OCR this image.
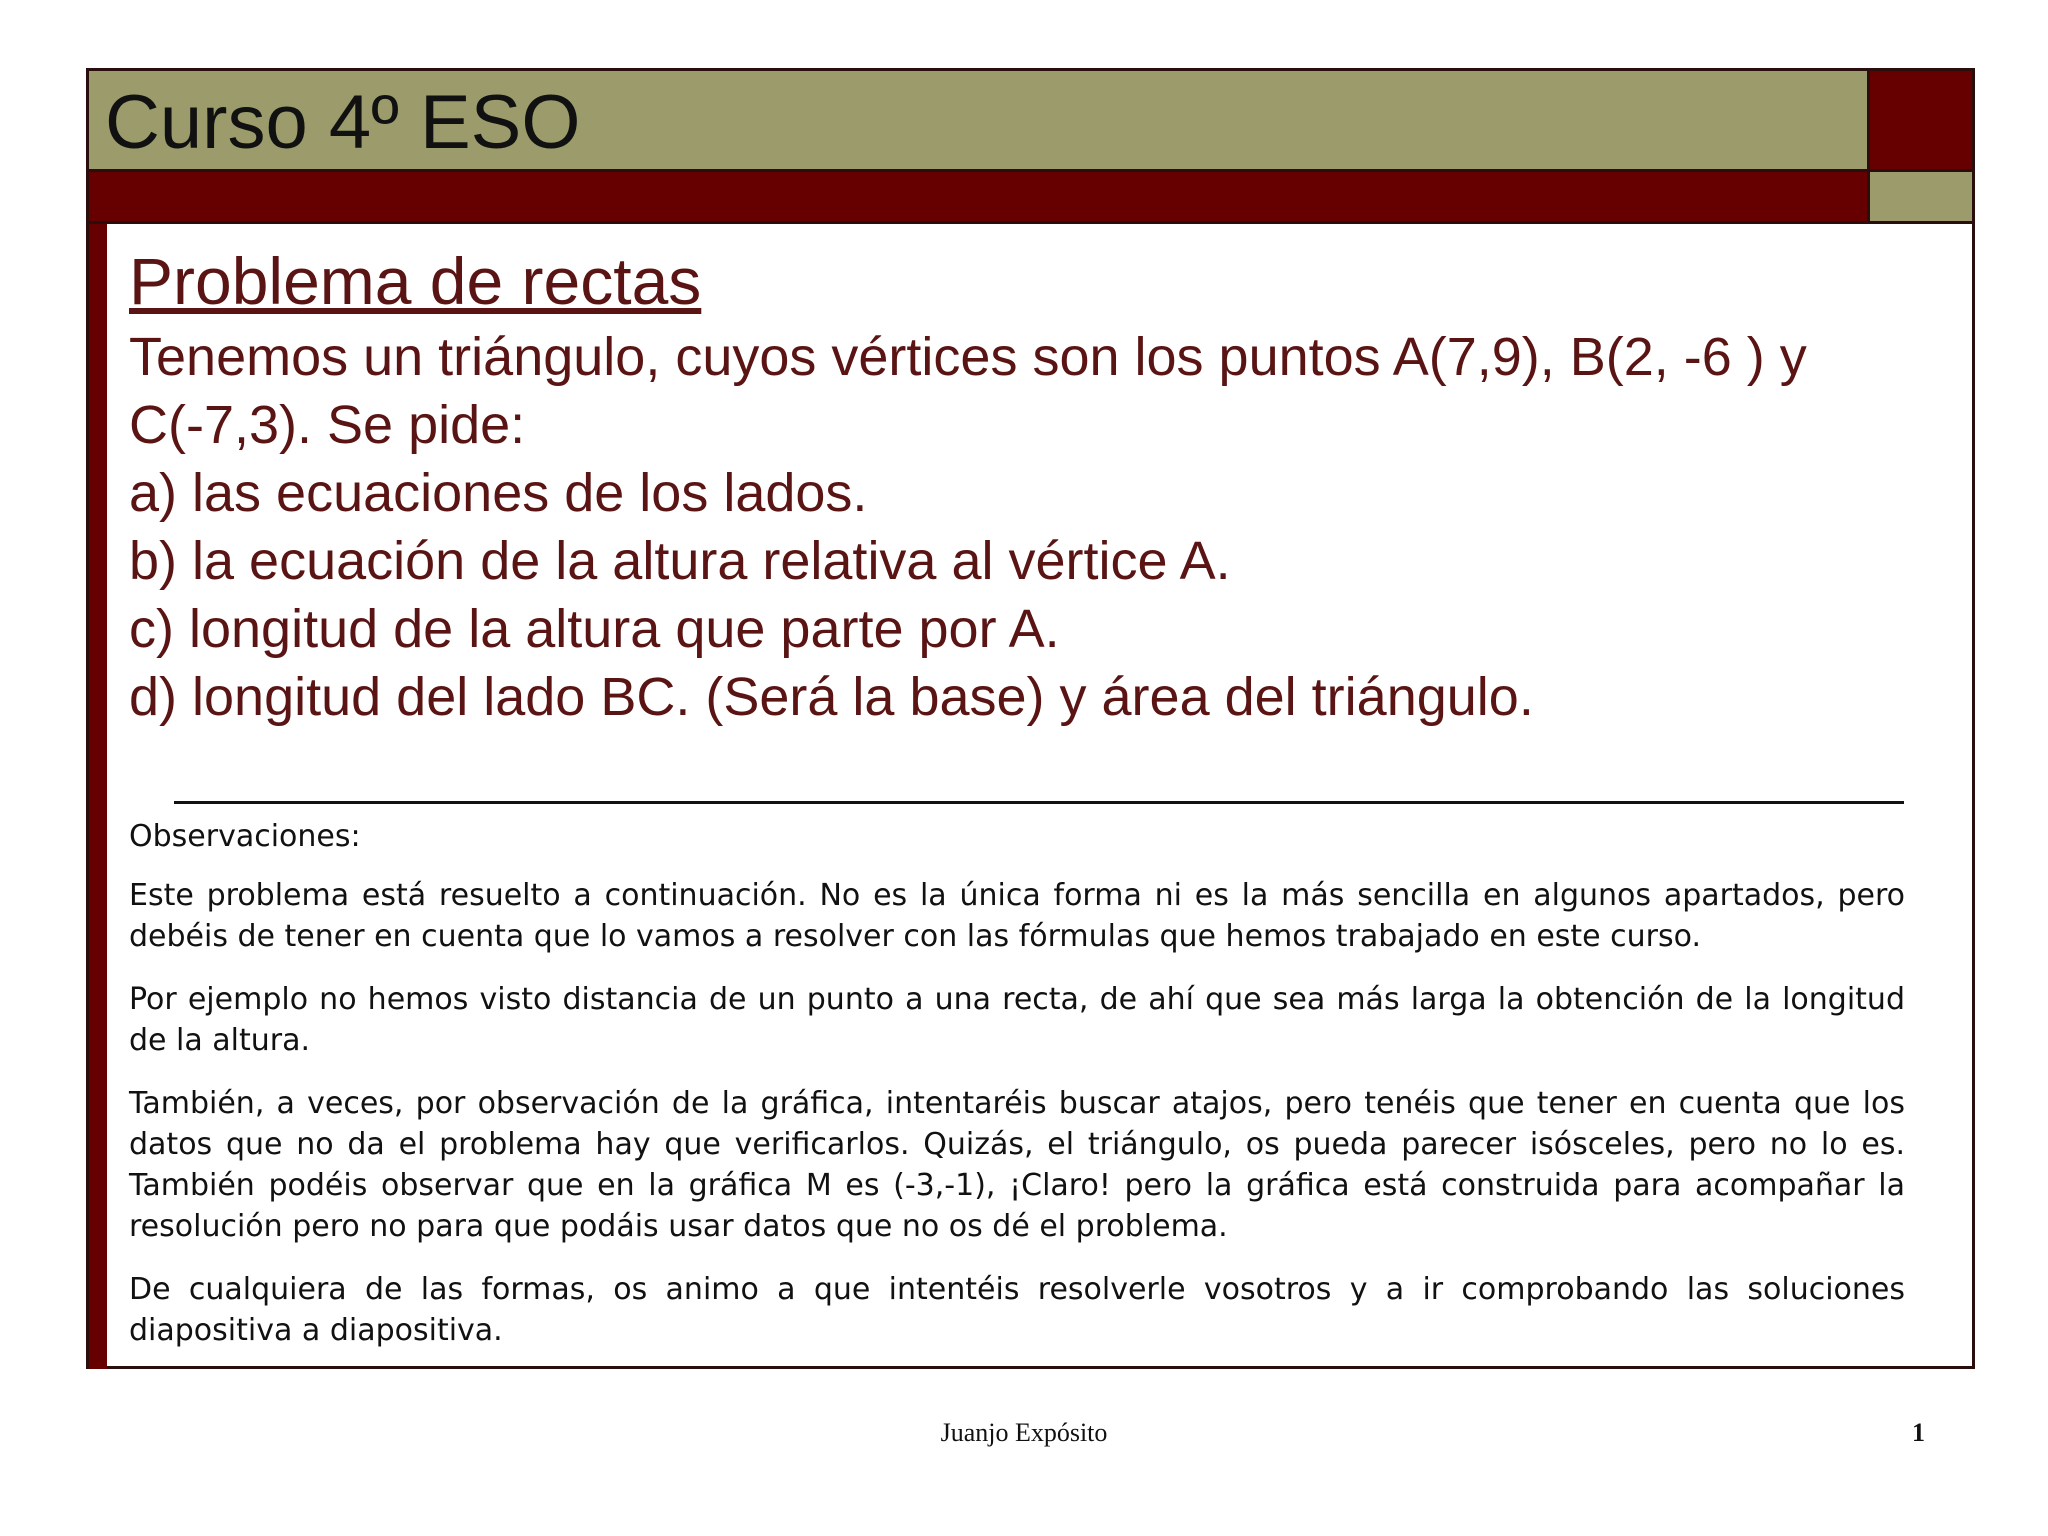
Curso 4º ESO
Problema de rectas
Tenemos un triángulo, cuyos vértices son los puntos A(7,9), B(2, -6 ) y
C(-7,3). Se pide:
a) las ecuaciones de los lados.
b) la ecuación de la altura relativa al vértice A.
c) longitud de la altura que parte por A.
d) longitud del lado BC. (Será la base) y área del triángulo.
Observaciones:

Este problema está resuelto a continuación. No es la única forma ni es la más sencilla en algunos apartados, pero debéis de tener en cuenta que lo vamos a resolver con las fórmulas que hemos trabajado en este curso.

Por ejemplo no hemos visto distancia de un punto a una recta, de ahí que sea más larga la obtención de la longitud de la altura.

También, a veces, por observación de la gráfica, intentaréis buscar atajos, pero tenéis que tener en cuenta que los datos que no da el problema hay que verificarlos. Quizás, el triángulo, os pueda parecer isósceles, pero no lo es. También podéis observar que en la gráfica M es (-3,-1), ¡Claro! pero la gráfica está construida para acompañar la resolución pero no para que podáis usar datos que no os dé el problema.

De cualquiera de las formas, os animo a que intentéis resolverle vosotros y a ir comprobando las soluciones diapositiva a diapositiva.

Juanjo Expósito	1
